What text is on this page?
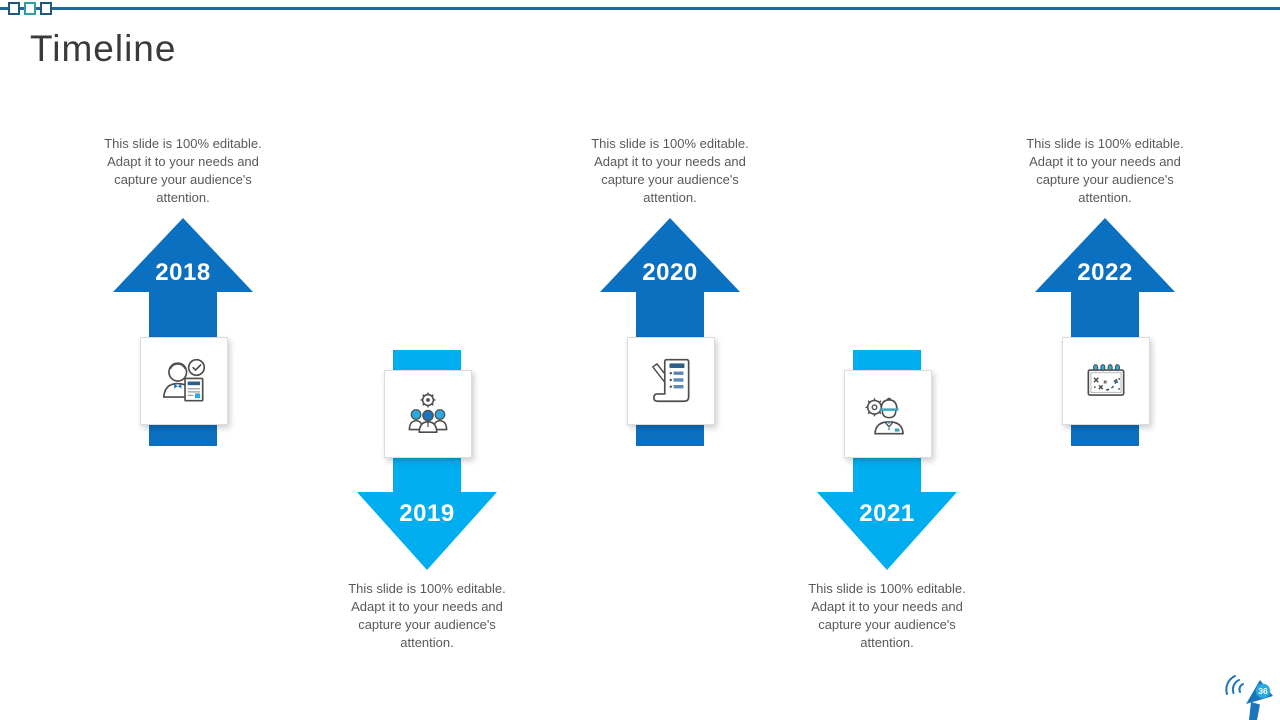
Timeline
This slide is 100% editable. Adapt it to your needs and capture your audience's attention.
2018
2019
This slide is 100% editable. Adapt it to your needs and capture your audience's attention.
This slide is 100% editable. Adapt it to your needs and capture your audience's attention.
2020
2021
This slide is 100% editable. Adapt it to your needs and capture your audience's attention.
This slide is 100% editable. Adapt it to your needs and capture your audience's attention.
2022
36
